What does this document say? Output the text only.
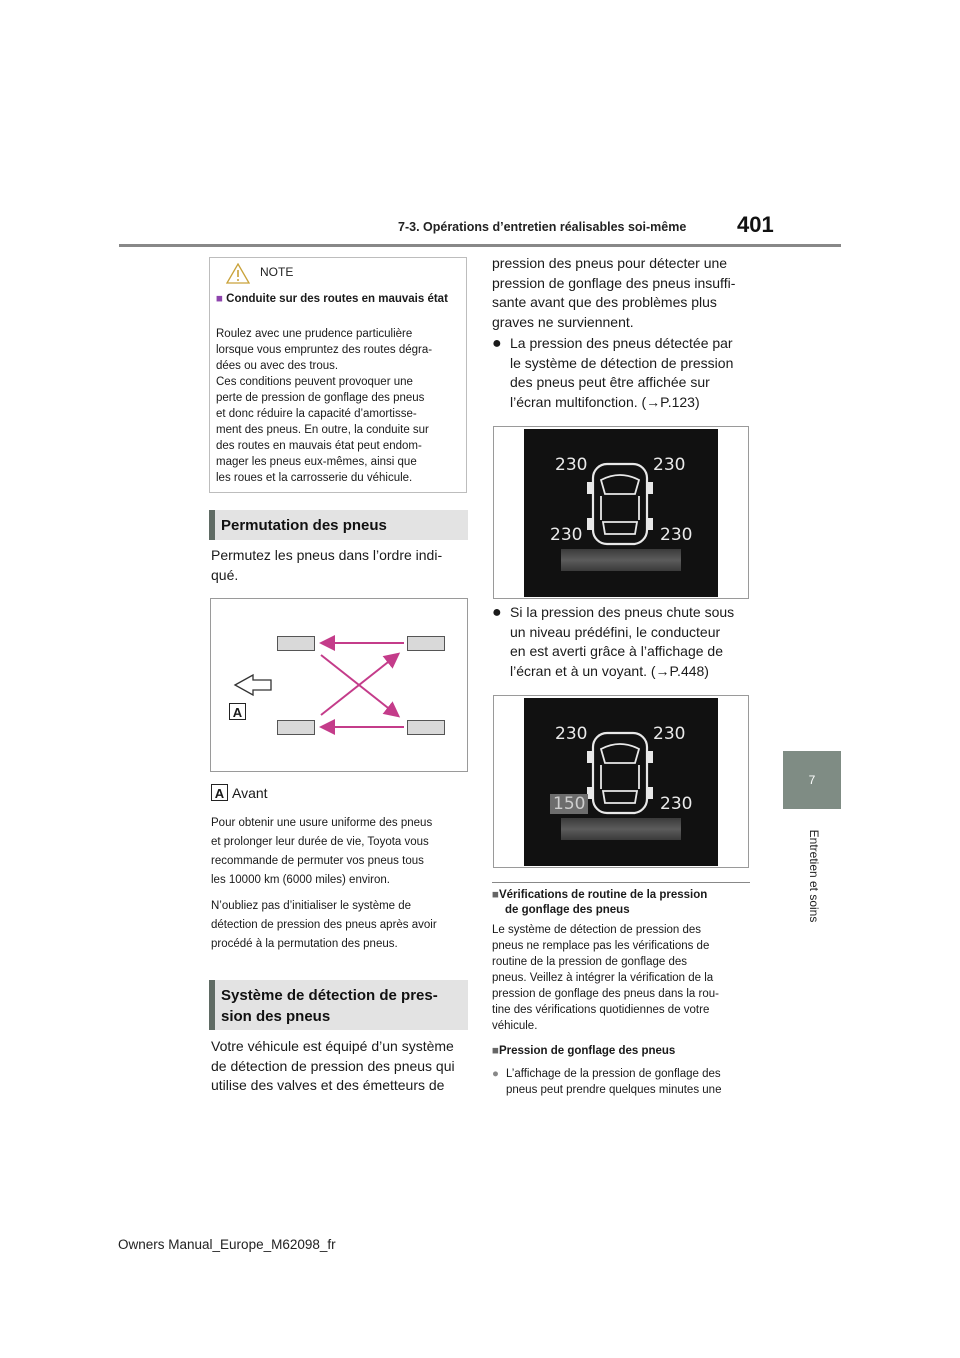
7-3. Opérations d’entretien réalisables soi-même 401
7
Entretien et soins
NOTE
■ Conduite sur des routes en mauvais état
Roulez avec une prudence particulière
lorsque vous empruntez des routes dégra-
dées ou avec des trous.
Ces conditions peuvent provoquer une
perte de pression de gonflage des pneus
et donc réduire la capacité d’amortisse-
ment des pneus. En outre, la conduite sur
des routes en mauvais état peut endom-
mager les pneus eux-mêmes, ainsi que
les roues et la carrosserie du véhicule.
Permutation des pneus
Permutez les pneus dans l’ordre indi-
qué.
A
A Avant
Pour obtenir une usure uniforme des pneus
et prolonger leur durée de vie, Toyota vous
recommande de permuter vos pneus tous
les 10000 km (6000 miles) environ.
N’oubliez pas d’initialiser le système de
détection de pression des pneus après avoir
procédé à la permutation des pneus.
Système de détection de pres-
sion des pneus
Votre véhicule est équipé d’un système
de détection de pression des pneus qui
utilise des valves et des émetteurs de
pression des pneus pour détecter une
pression de gonflage des pneus insuffi-
sante avant que des problèmes plus
graves ne surviennent.
● La pression des pneus détectée par
le système de détection de pression
des pneus peut être affichée sur
l’écran multifonction. (→P.123)
230	230
230	230
● Si la pression des pneus chute sous
un niveau prédéfini, le conducteur
en est averti grâce à l’affichage de
l’écran et à un voyant. (→P.448)
230	230
150	230
■Vérifications de routine de la pression
de gonflage des pneus
Le système de détection de pression des
pneus ne remplace pas les vérifications de
routine de la pression de gonflage des
pneus. Veillez à intégrer la vérification de la
pression de gonflage des pneus dans la rou-
tine des vérifications quotidiennes de votre
véhicule.
■Pression de gonflage des pneus
● L’affichage de la pression de gonflage des
pneus peut prendre quelques minutes une
Owners Manual_Europe_M62098_fr
